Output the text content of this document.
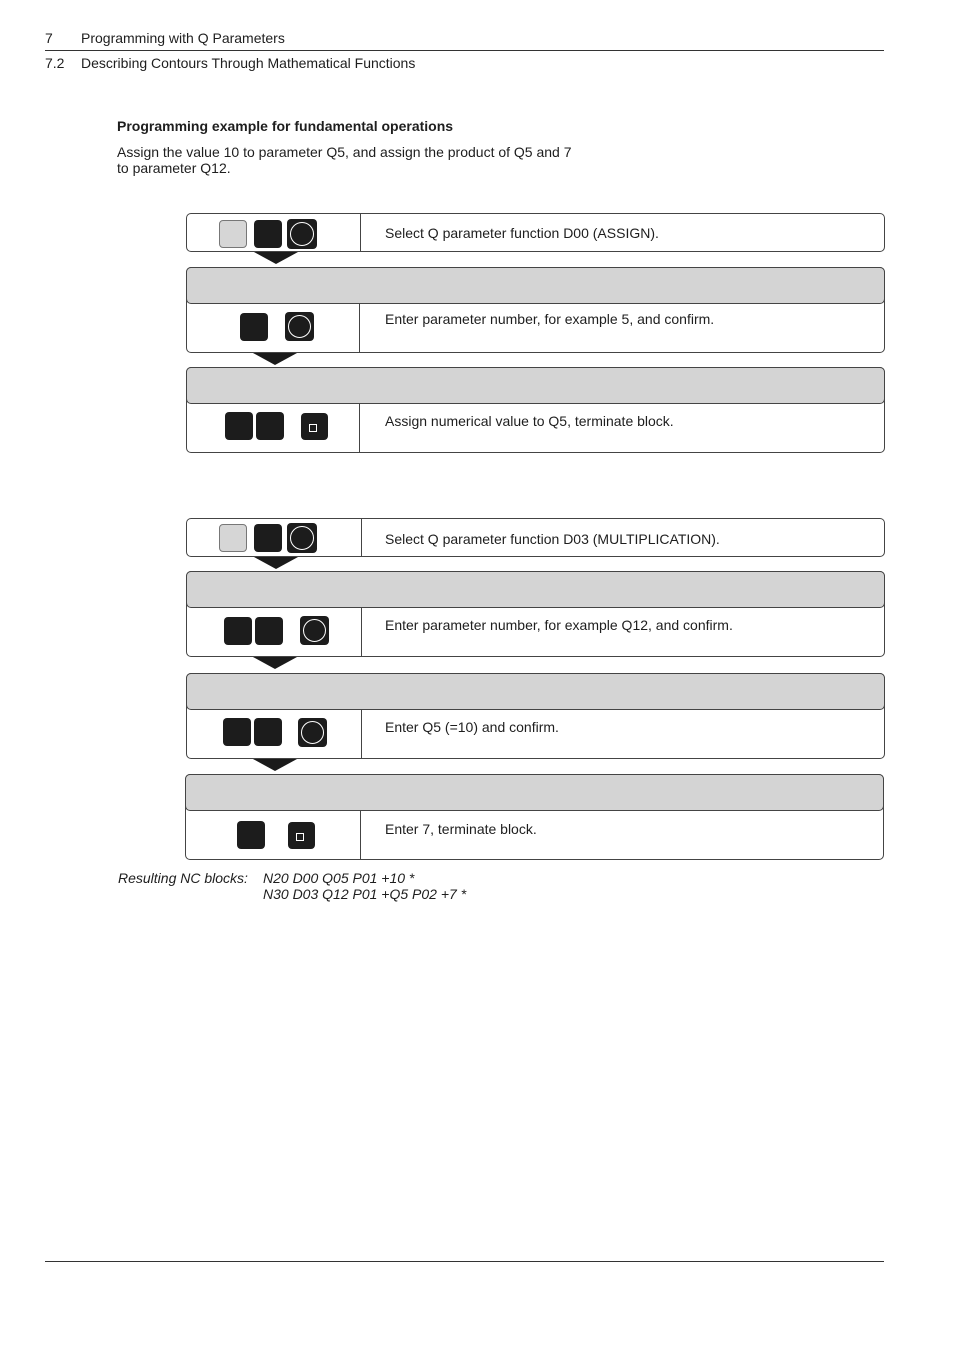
7 Programming with Q Parameters
7.2 Describing Contours Through Mathematical Functions
Programming example for fundamental operations
Assign the value 10 to parameter Q5, and assign the product of Q5 and 7
to parameter Q12.
Select Q parameter function D00 (ASSIGN).
Enter parameter number, for example 5, and confirm.
Assign numerical value to Q5, terminate block.
Select Q parameter function D03 (MULTIPLICATION).
Enter parameter number, for example Q12, and confirm.
Enter Q5 (=10) and confirm.
Enter 7, terminate block.
Resulting NC blocks: N20 D00 Q05 P01 +10 *
N30 D03 Q12 P01 +Q5 P02 +7 *
